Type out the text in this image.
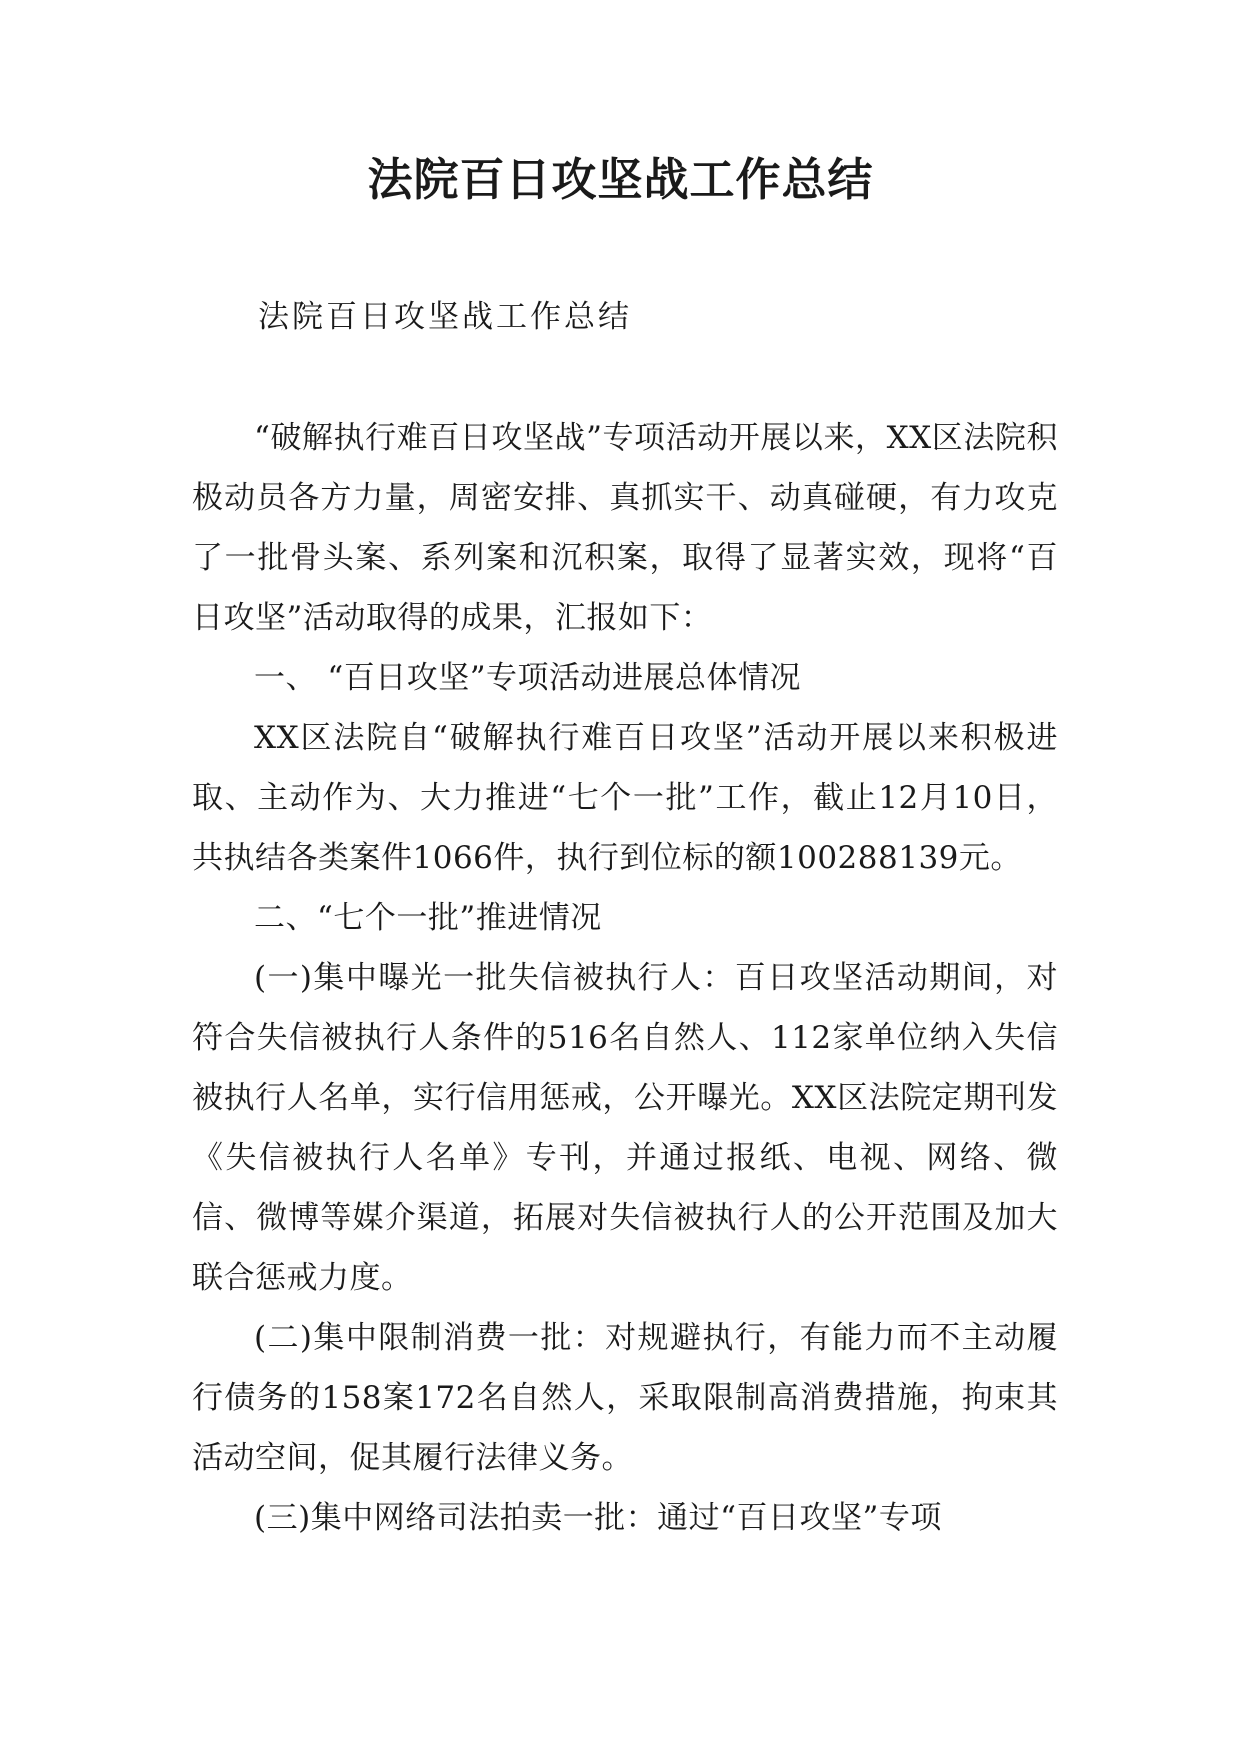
法院百日攻坚战工作总结

法院百日攻坚战工作总结

“破解执行难百日攻坚战”专项活动开展以来，XX区法院积极动员各方力量，周密安排、真抓实干、动真碰硬，有力攻克了一批骨头案、系列案和沉积案，取得了显著实效，现将“百日攻坚”活动取得的成果，汇报如下：

一、 “百日攻坚”专项活动进展总体情况

XX区法院自“破解执行难百日攻坚”活动开展以来积极进取、主动作为、大力推进“七个一批”工作，截止12月10日，共执结各类案件1066件，执行到位标的额100288139元。

二、“七个一批”推进情况

(一)集中曝光一批失信被执行人：百日攻坚活动期间，对符合失信被执行人条件的516名自然人、112家单位纳入失信被执行人名单，实行信用惩戒，公开曝光。XX区法院定期刊发《失信被执行人名单》专刊，并通过报纸、电视、网络、微信、微博等媒介渠道，拓展对失信被执行人的公开范围及加大联合惩戒力度。

(二)集中限制消费一批：对规避执行，有能力而不主动履行债务的158案172名自然人，采取限制高消费措施，拘束其活动空间，促其履行法律义务。

(三)集中网络司法拍卖一批：通过“百日攻坚”专项
